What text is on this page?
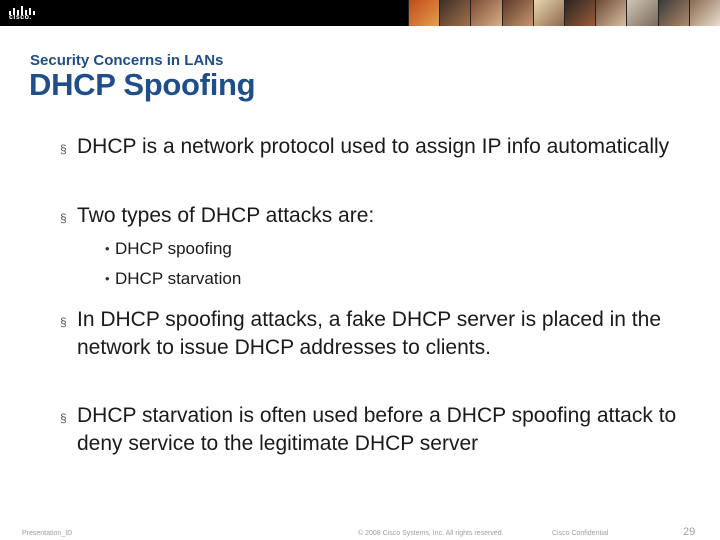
cisco.
Security Concerns in LANs
DHCP Spoofing
§ DHCP is a network protocol used to assign IP info automatically
§ Two types of DHCP attacks are:
• DHCP spoofing
• DHCP starvation
§ In DHCP spoofing attacks, a fake DHCP server is placed in the network to issue DHCP addresses to clients.
§ DHCP starvation is often used before a DHCP spoofing attack to deny service to the legitimate DHCP server
Presentation_ID	© 2008 Cisco Systems, Inc. All rights reserved.	Cisco Confidential	29
